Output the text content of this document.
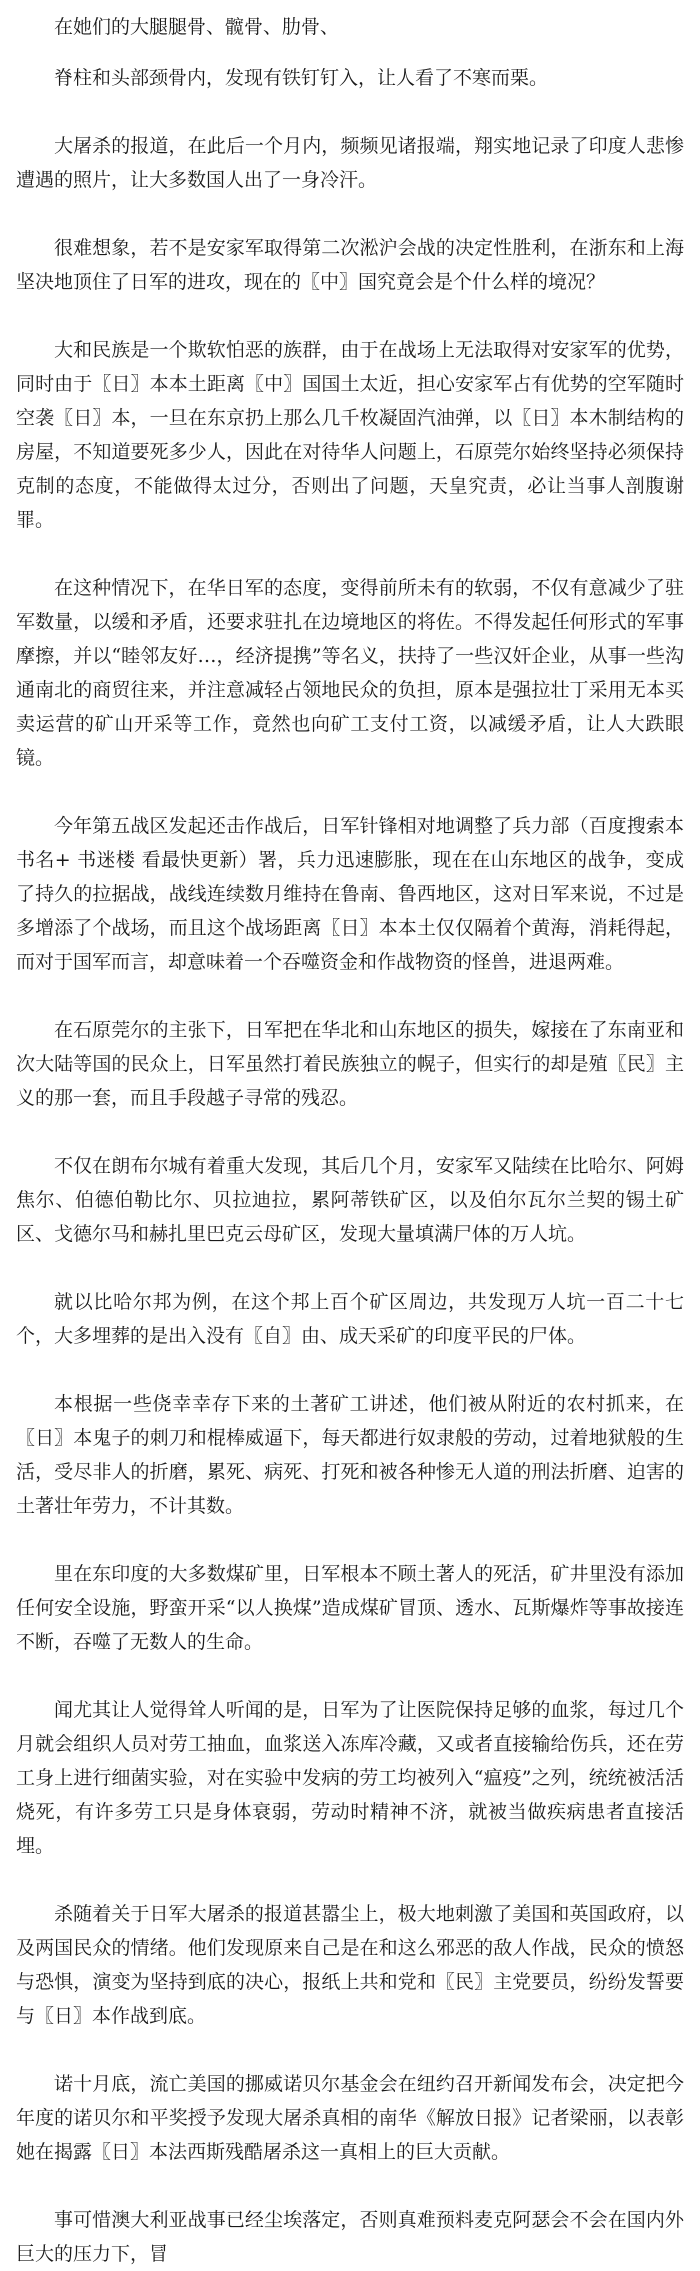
在她们的大腿腿骨、髋骨、肋骨、

脊柱和头部颈骨内，发现有铁钉钉入，让人看了不寒而栗。

大屠杀的报道，在此后一个月内，频频见诸报端，翔实地记录了印度人悲惨遭遇的照片，让大多数国人出了一身冷汗。

很难想象，若不是安家军取得第二次淞沪会战的决定性胜利，在浙东和上海坚决地顶住了日军的进攻，现在的〖中〗国究竟会是个什么样的境况？

大和民族是一个欺软怕恶的族群，由于在战场上无法取得对安家军的优势，同时由于〖日〗本本土距离〖中〗国国土太近，担心安家军占有优势的空军随时空袭〖日〗本，一旦在东京扔上那么几千枚凝固汽油弹，以〖日〗本木制结构的房屋，不知道要死多少人，因此在对待华人问题上，石原莞尔始终坚持必须保持克制的态度，不能做得太过分，否则出了问题，天皇究责，必让当事人剖腹谢罪。

在这种情况下，在华日军的态度，变得前所未有的软弱，不仅有意减少了驻军数量，以缓和矛盾，还要求驻扎在边境地区的将佐。不得发起任何形式的军事摩擦，并以“睦邻友好…，经济提携”等名义，扶持了一些汉奸企业，从事一些沟通南北的商贸往来，并注意减轻占领地民众的负担，原本是强拉壮丁采用无本买卖运营的矿山开采等工作，竟然也向矿工支付工资，以减缓矛盾，让人大跌眼镜。

今年第五战区发起还击作战后，日军针锋相对地调整了兵力部（百度搜索本书名+ 书迷楼 看最快更新）署，兵力迅速膨胀，现在在山东地区的战争，变成了持久的拉据战，战线连续数月维持在鲁南、鲁西地区，这对日军来说，不过是多增添了个战场，而且这个战场距离〖日〗本本土仅仅隔着个黄海，消耗得起，而对于国军而言，却意味着一个吞噬资金和作战物资的怪兽，进退两难。

在石原莞尔的主张下，日军把在华北和山东地区的损失，嫁接在了东南亚和次大陆等国的民众上，日军虽然打着民族独立的幌子，但实行的却是殖〖民〗主义的那一套，而且手段越子寻常的残忍。

不仅在朗布尔城有着重大发现，其后几个月，安家军又陆续在比哈尔、阿姆焦尔、伯德伯勒比尔、贝拉迪拉，累阿蒂铁矿区，以及伯尔瓦尔兰契的锡土矿区、戈德尔马和赫扎里巴克云母矿区，发现大量填满尸体的万人坑。

就以比哈尔邦为例，在这个邦上百个矿区周边，共发现万人坑一百二十七个，大多埋葬的是出入没有〖自〗由、成天采矿的印度平民的尸体。

本根据一些侥幸幸存下来的土著矿工讲述，他们被从附近的农村抓来，在〖日〗本鬼子的刺刀和棍棒威逼下，每天都进行奴隶般的劳动，过着地狱般的生活，受尽非人的折磨，累死、病死、打死和被各种惨无人道的刑法折磨、迫害的土著壮年劳力，不计其数。

里在东印度的大多数煤矿里，日军根本不顾土著人的死活，矿井里没有添加任何安全设施，野蛮开采“以人换煤”造成煤矿冒顶、透水、瓦斯爆炸等事故接连不断，吞噬了无数人的生命。

闻尤其让人觉得耸人听闻的是，日军为了让医院保持足够的血浆，每过几个月就会组织人员对劳工抽血，血浆送入冻库冷藏，又或者直接输给伤兵，还在劳工身上进行细菌实验，对在实验中发病的劳工均被列入“瘟疫”之列，统统被活活烧死，有许多劳工只是身体衰弱，劳动时精神不济，就被当做疾病患者直接活埋。

杀随着关于日军大屠杀的报道甚嚣尘上，极大地刺激了美国和英国政府，以及两国民众的情绪。他们发现原来自己是在和这么邪恶的敌人作战，民众的愤怒与恐惧，演变为坚持到底的决心，报纸上共和党和〖民〗主党要员，纷纷发誓要与〖日〗本作战到底。

诺十月底，流亡美国的挪威诺贝尔基金会在纽约召开新闻发布会，决定把今年度的诺贝尔和平奖授予发现大屠杀真相的南华《解放日报》记者梁丽，以表彰她在揭露〖日〗本法西斯残酷屠杀这一真相上的巨大贡献。

事可惜澳大利亚战事已经尘埃落定，否则真难预料麦克阿瑟会不会在国内外巨大的压力下，冒
